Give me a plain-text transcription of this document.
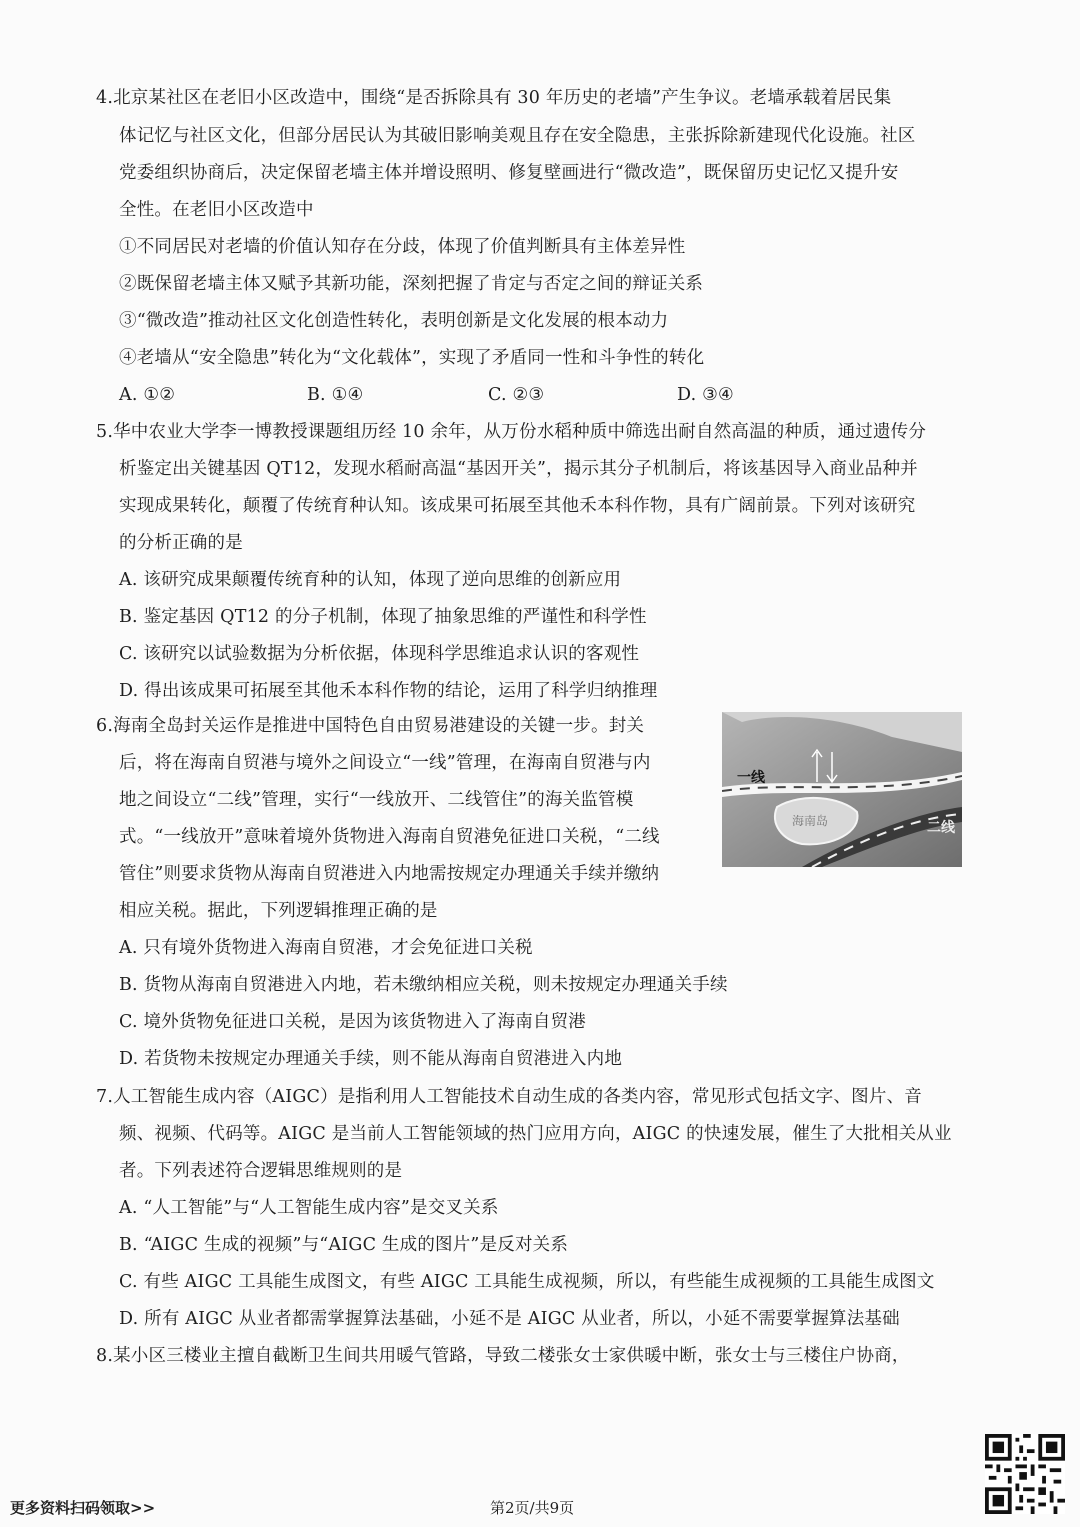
4.北京某社区在老旧小区改造中，围绕“是否拆除具有 30 年历史的老墙”产生争议。老墙承载着居民集
体记忆与社区文化，但部分居民认为其破旧影响美观且存在安全隐患，主张拆除新建现代化设施。社区
党委组织协商后，决定保留老墙主体并增设照明、修复壁画进行“微改造”，既保留历史记忆又提升安
全性。在老旧小区改造中
①不同居民对老墙的价值认知存在分歧，体现了价值判断具有主体差异性
②既保留老墙主体又赋予其新功能，深刻把握了肯定与否定之间的辩证关系
③“微改造”推动社区文化创造性转化，表明创新是文化发展的根本动力
④老墙从“安全隐患”转化为“文化载体”，实现了矛盾同一性和斗争性的转化
A. ①②	B. ①④	C. ②③	D. ③④
5.华中农业大学李一博教授课题组历经 10 余年，从万份水稻种质中筛选出耐自然高温的种质，通过遗传分
析鉴定出关键基因 QT12，发现水稻耐高温“基因开关”，揭示其分子机制后，将该基因导入商业品种并
实现成果转化，颠覆了传统育种认知。该成果可拓展至其他禾本科作物，具有广阔前景。下列对该研究
的分析正确的是
A. 该研究成果颠覆传统育种的认知，体现了逆向思维的创新应用
B. 鉴定基因 QT12 的分子机制，体现了抽象思维的严谨性和科学性
C. 该研究以试验数据为分析依据，体现科学思维追求认识的客观性
D. 得出该成果可拓展至其他禾本科作物的结论，运用了科学归纳推理
6.海南全岛封关运作是推进中国特色自由贸易港建设的关键一步。封关
后，将在海南自贸港与境外之间设立“一线”管理，在海南自贸港与内
地之间设立“二线”管理，实行“一线放开、二线管住”的海关监管模
式。“一线放开”意味着境外货物进入海南自贸港免征进口关税，“二线
管住”则要求货物从海南自贸港进入内地需按规定办理通关手续并缴纳
相应关税。据此，下列逻辑推理正确的是
海南岛
一线
二线
A. 只有境外货物进入海南自贸港，才会免征进口关税
B. 货物从海南自贸港进入内地，若未缴纳相应关税，则未按规定办理通关手续
C. 境外货物免征进口关税，是因为该货物进入了海南自贸港
D. 若货物未按规定办理通关手续，则不能从海南自贸港进入内地
7.人工智能生成内容（AIGC）是指利用人工智能技术自动生成的各类内容，常见形式包括文字、图片、音
频、视频、代码等。AIGC 是当前人工智能领域的热门应用方向，AIGC 的快速发展，催生了大批相关从业
者。下列表述符合逻辑思维规则的是
A. “人工智能”与“人工智能生成内容”是交叉关系
B. “AIGC 生成的视频”与“AIGC 生成的图片”是反对关系
C. 有些 AIGC 工具能生成图文，有些 AIGC 工具能生成视频，所以，有些能生成视频的工具能生成图文
D. 所有 AIGC 从业者都需掌握算法基础，小延不是 AIGC 从业者，所以，小延不需要掌握算法基础
8.某小区三楼业主擅自截断卫生间共用暖气管路，导致二楼张女士家供暖中断，张女士与三楼住户协商，
更多资料扫码领取>>	第2页/共9页
